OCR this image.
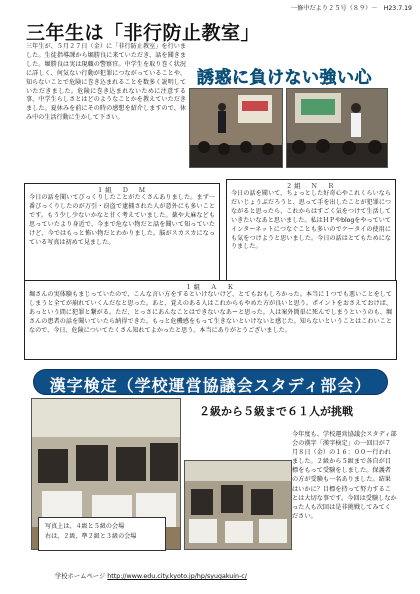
一修中だより２５号（８９）－　H23.7.19
三年生は「非行防止教室」
三年生が、５月２７日（金）に「非行防止教室」を行いました。生徒指導課から堀勝良に来ていただき、話を聞きました。堀勝良は実は現職の警察官。中学生を取り巻く状況に詳しく、何気ない行動が犯罪につながっていることや、知らないことで危険に巻き込まれることを数多く説明していただきました。危険に巻き込まれないために注意する事、中学生らしさとはどのようなことかを教えていただきました。夏休みを前にその時の感想を紹介しますので、休み中の生活行動に生かして下さい。
誘惑に負けない強い心
１組　Ｄ　Ｍ
今日の話を聞いてびっくりしたことがたくさんありました。まず一番びっくりしたのが万引・窃盗で逮捕された人が意外にも多いことです。もう少し少ないかなと甘く考えていました。薬や大麻なども思っていたより身近で、今まで危ない物だと話を聞いて知っていたけど、今ではもっと怖い物だとわかりました。脳がスカスカになっている写真は初めて見ました。
２組　Ｎ　Ｒ
今日の話を聞いて、ちょっとした好奇心やこれくらいならだいじょうぶだろうと、思って手を出したことが犯罪につながると思ったら、これからはすごく気をつけて生活していきたいなあと思いました。私はＨＰやblogをやっていてインターネットにつなぐことも多いのでケータイの使用にも気をつけようと思いました。今日の話はとてもためになりました。
１組　Ａ　Ｋ
堀さんの実体験もまじっていたので、こんな言い方をするといけないけど、とてもおもしろかった。本当に１つでも悪いことをしてしまうと全てが崩れていくんだなと思った。あと、覚えのある人はこれからもやめた方が良いと思う。ポイントをおさえておけば、あっという間に犯罪と繋がる。ただ、とっさにあんなことはできないなあーと思った。人は案外簡単に死んでしまうというのも、堀さんの患者の話を聞いていたら納得できた。もっと危機感をもって生きないといけないと感じた。知らないということはこわいことなので、今日、危険についてたくさん知れてよかったと思う。本当にありがとうございました。
漢字検定（学校運営協議会スタディ部会）
２級から５級まで６１人が挑戦
今年度も、学校運営協議会スタディ部会の漢字「漢字検定」の一回目が７月８日（金）の１６：００〜行われました。２級から５級まで各自が目標をもって受験をしました。保護者の方が受験も一名ありました。結果はいかに？目標を持って努力することは大切な事です。今回は受験しなかった人も次回は是非挑戦してみてください。
写真上は、４級と５級の会場
右は、２級、準２級と３級の会場
学校ホームページ http://www.edu.city.kyoto.jp/hp/syugakuin-c/
